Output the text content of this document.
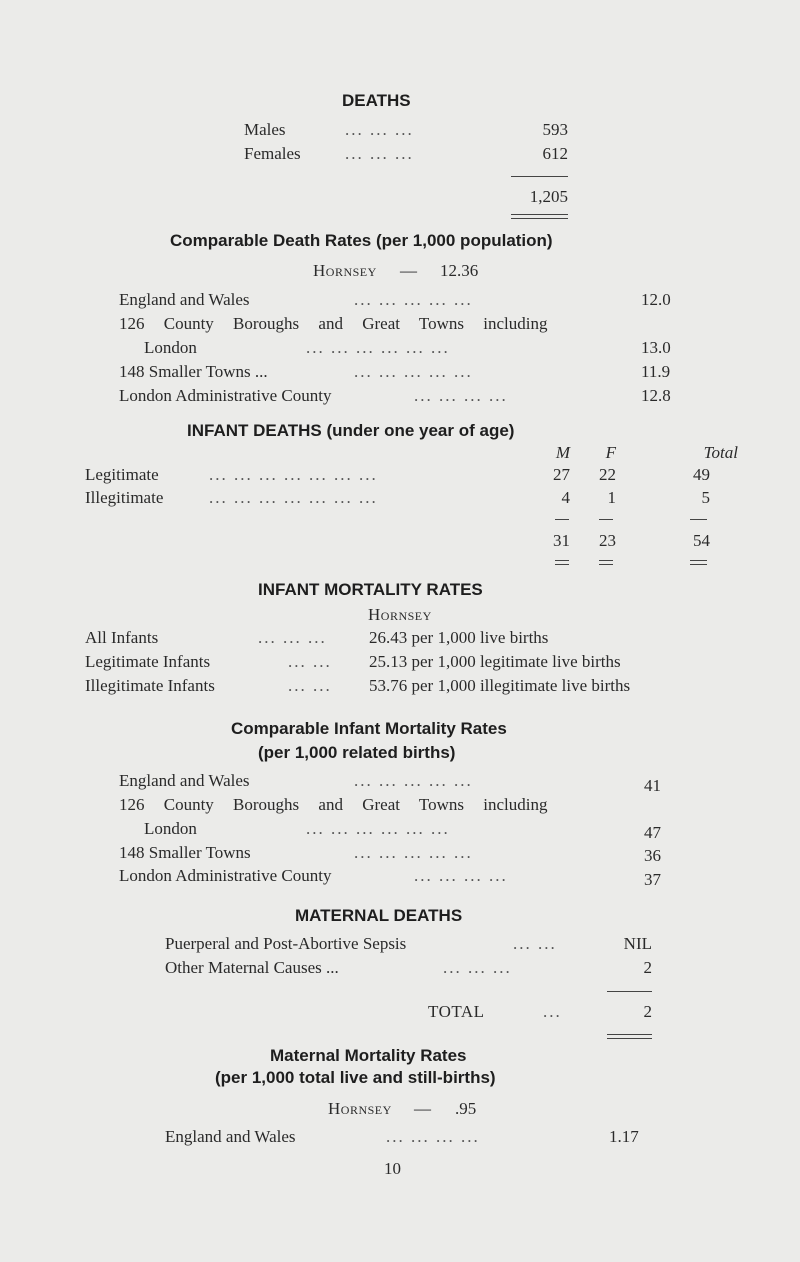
DEATHS
Males	... ... ...	593
Females	... ... ...	612
1,205
Comparable Death Rates (per 1,000 population)
Hornsey — 12.36
England and Wales	... ... ... ... ...	12.0
126 County Boroughs and Great Towns including
London	... ... ... ... ... ...	13.0
148 Smaller Towns ...	... ... ... ... ...	11.9
London Administrative County	... ... ... ...	12.8
INFANT DEATHS (under one year of age)
M	F	Total
Legitimate	... ... ... ... ... ... ...	27	22	49
Illegitimate	... ... ... ... ... ... ...	4	1	5
31	23	54
INFANT MORTALITY RATES
Hornsey
All Infants	... ... ... 26.43 per 1,000 live births
Legitimate Infants	... ... 25.13 per 1,000 legitimate live births
Illegitimate Infants	... ... 53.76 per 1,000 illegitimate live births
Comparable Infant Mortality Rates
(per 1,000 related births)
England and Wales	... ... ... ... ...	41
126 County Boroughs and Great Towns including
London	... ... ... ... ... ...	47
148 Smaller Towns	... ... ... ... ...	36
London Administrative County	... ... ... ...	37
MATERNAL DEATHS
Puerperal and Post-Abortive Sepsis	... ...	NIL
Other Maternal Causes ...	... ... ...	2
TOTAL	...	2
Maternal Mortality Rates
(per 1,000 total live and still-births)
Hornsey — .95
England and Wales	... ... ... ...	1.17
10
